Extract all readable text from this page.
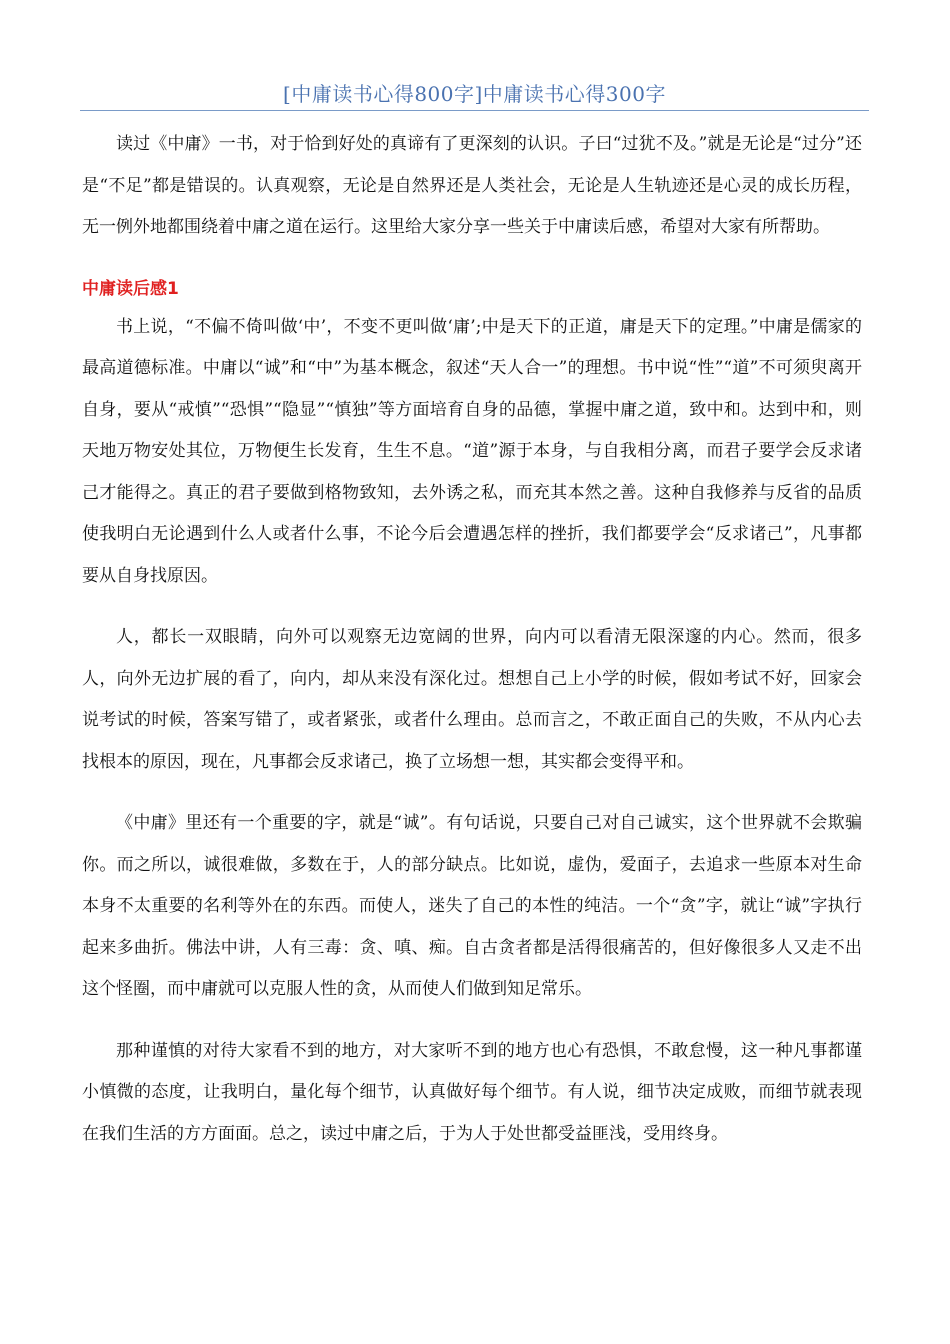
[中庸读书心得800字]中庸读书心得300字

读过《中庸》一书，对于恰到好处的真谛有了更深刻的认识。子曰“过犹不及。”就是无论是“过分”还是“不足”都是错误的。认真观察，无论是自然界还是人类社会，无论是人生轨迹还是心灵的成长历程，无一例外地都围绕着中庸之道在运行。这里给大家分享一些关于中庸读后感，希望对大家有所帮助。

中庸读后感1

书上说，“不偏不倚叫做‘中’，不变不更叫做‘庸’;中是天下的正道，庸是天下的定理。”中庸是儒家的最高道德标准。中庸以“诚”和“中”为基本概念，叙述“天人合一”的理想。书中说“性”“道”不可须臾离开自身，要从“戒慎”“恐惧”“隐显”“慎独”等方面培育自身的品德，掌握中庸之道，致中和。达到中和，则天地万物安处其位，万物便生长发育，生生不息。“道”源于本身，与自我相分离，而君子要学会反求诸己才能得之。真正的君子要做到格物致知，去外诱之私，而充其本然之善。这种自我修养与反省的品质使我明白无论遇到什么人或者什么事，不论今后会遭遇怎样的挫折，我们都要学会“反求诸己”，凡事都要从自身找原因。

人，都长一双眼睛，向外可以观察无边宽阔的世界，向内可以看清无限深邃的内心。然而，很多人，向外无边扩展的看了，向内，却从来没有深化过。想想自己上小学的时候，假如考试不好，回家会说考试的时候，答案写错了，或者紧张，或者什么理由。总而言之，不敢正面自己的失败，不从内心去找根本的原因，现在，凡事都会反求诸己，换了立场想一想，其实都会变得平和。

《中庸》里还有一个重要的字，就是“诚”。有句话说，只要自己对自己诚实，这个世界就不会欺骗你。而之所以，诚很难做，多数在于，人的部分缺点。比如说，虚伪，爱面子，去追求一些原本对生命本身不太重要的名利等外在的东西。而使人，迷失了自己的本性的纯洁。一个“贪”字，就让“诚”字执行起来多曲折。佛法中讲，人有三毒：贪、嗔、痴。自古贪者都是活得很痛苦的，但好像很多人又走不出这个怪圈，而中庸就可以克服人性的贪，从而使人们做到知足常乐。

那种谨慎的对待大家看不到的地方，对大家听不到的地方也心有恐惧，不敢怠慢，这一种凡事都谨小慎微的态度，让我明白，量化每个细节，认真做好每个细节。有人说，细节决定成败，而细节就表现在我们生活的方方面面。总之，读过中庸之后，于为人于处世都受益匪浅，受用终身。
